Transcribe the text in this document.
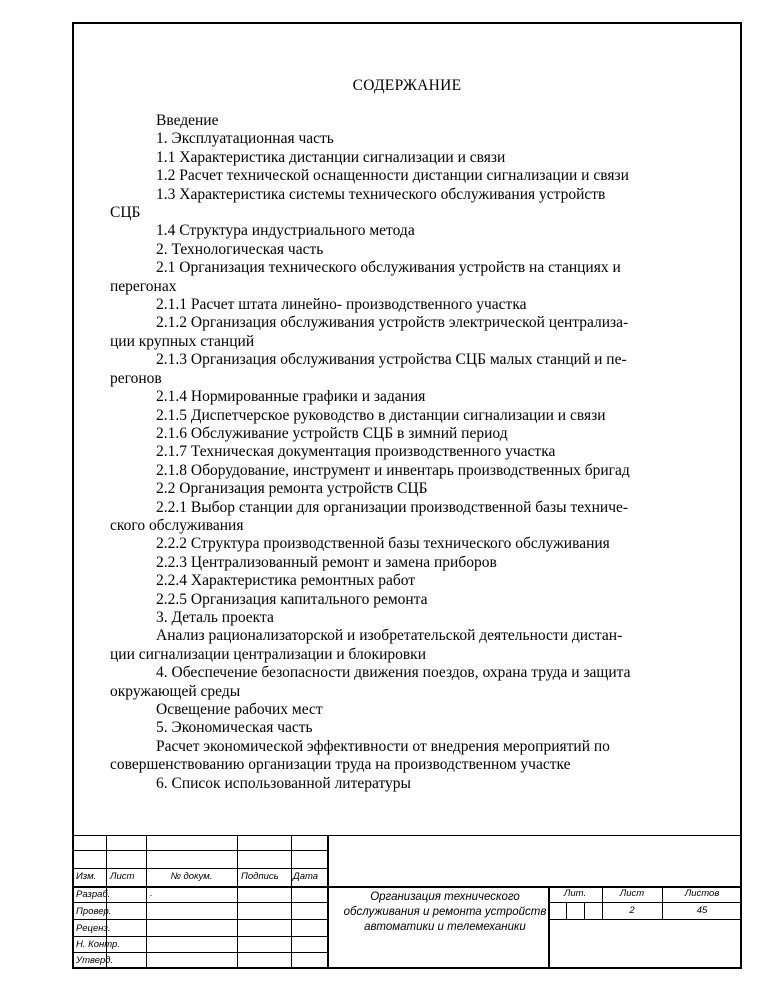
СОДЕРЖАНИЕ
Введение
1. Эксплуатационная часть
1.1 Характеристика дистанции сигнализации и связи
1.2 Расчет технической оснащенности дистанции сигнализации и связи
1.3 Характеристика системы технического обслуживания устройств
СЦБ
1.4 Структура индустриального метода
2. Технологическая часть
2.1 Организация технического обслуживания устройств на станциях и
перегонах
2.1.1 Расчет штата линейно- производственного участка
2.1.2 Организация обслуживания устройств электрической централиза-
ции крупных станций
2.1.3 Организация обслуживания устройства СЦБ малых станций и пе-
регонов
2.1.4 Нормированные графики и задания
2.1.5 Диспетчерское руководство в дистанции сигнализации и связи
2.1.6 Обслуживание устройств СЦБ в зимний период
2.1.7 Техническая документация производственного участка
2.1.8 Оборудование, инструмент и инвентарь производственных бригад
2.2 Организация ремонта устройств СЦБ
2.2.1 Выбор станции для организации производственной базы техниче-
ского обслуживания
2.2.2 Структура производственной базы технического обслуживания
2.2.3 Централизованный ремонт и замена приборов
2.2.4 Характеристика ремонтных работ
2.2.5 Организация капитального ремонта
3. Деталь проекта
Анализ рационализаторской и изобретательской деятельности дистан-
ции сигнализации централизации и блокировки
4. Обеспечение безопасности движения поездов, охрана труда и защита
окружающей среды
Освещение рабочих мест
5. Экономическая часть
Расчет экономической эффективности от внедрения мероприятий по
совершенствованию организации труда на производственном участке
6. Список использованной литературы
Изм. Лист	№ докум.	Подпись Дата
Разраб.	.
Провер.
Реценз.
Н. Контр.
Утверд.
Организация технического обслуживания и ремонта устройств автоматики и телемеханики
Лит.	Лист	Листов
2	45
